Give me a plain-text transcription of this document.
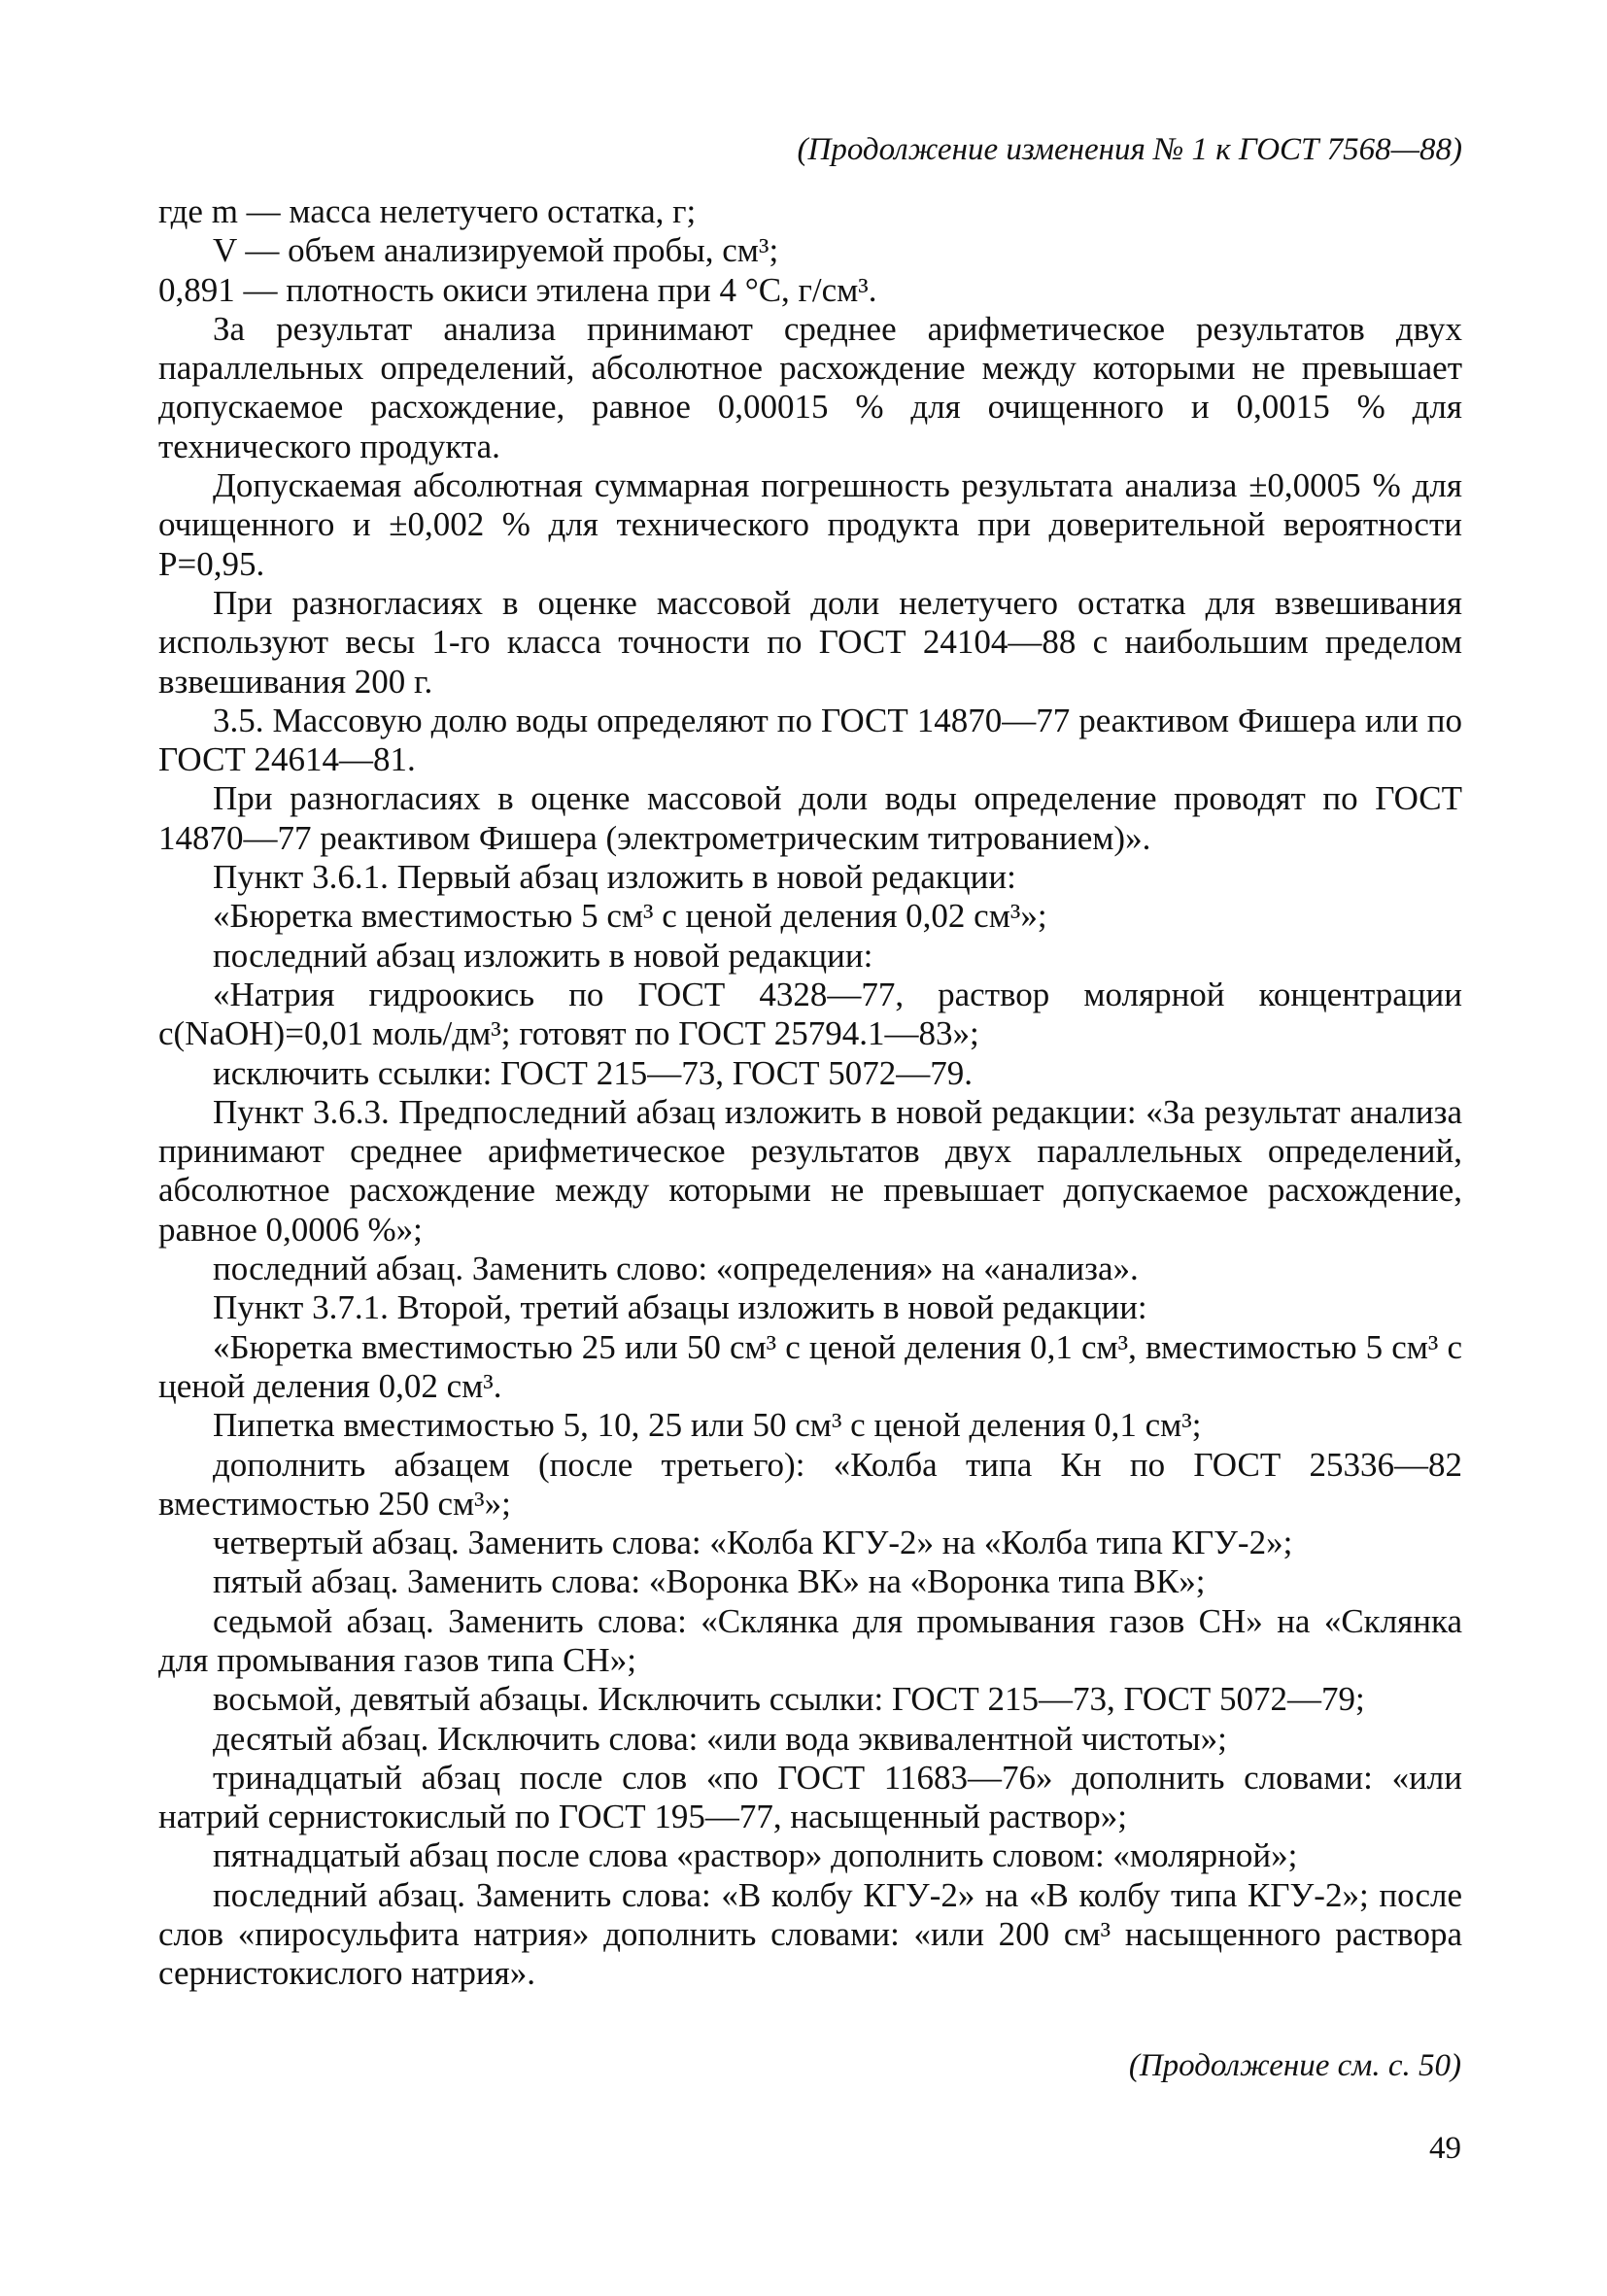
(Продолжение изменения № 1 к ГОСТ 7568—88)

где m — масса нелетучего остатка, г;

V — объем анализируемой пробы, см³;

0,891 — плотность окиси этилена при 4 °С, г/см³.

За результат анализа принимают среднее арифметическое результатов двух параллельных определений, абсолютное расхождение между которыми не превышает допускаемое расхождение, равное 0,00015 % для очищенного и 0,0015 % для технического продукта.

Допускаемая абсолютная суммарная погрешность результата анализа ±0,0005 % для очищенного и ±0,002 % для технического продукта при доверительной вероятности P=0,95.

При разногласиях в оценке массовой доли нелетучего остатка для взвешивания используют весы 1-го класса точности по ГОСТ 24104—88 с наибольшим пределом взвешивания 200 г.

3.5. Массовую долю воды определяют по ГОСТ 14870—77 реактивом Фишера или по ГОСТ 24614—81.

При разногласиях в оценке массовой доли воды определение проводят по ГОСТ 14870—77 реактивом Фишера (электрометрическим титрованием)».

Пункт 3.6.1. Первый абзац изложить в новой редакции:

«Бюретка вместимостью 5 см³ с ценой деления 0,02 см³»;

последний абзац изложить в новой редакции:

«Натрия гидроокись по ГОСТ 4328—77, раствор молярной концентрации c(NaOH)=0,01 моль/дм³; готовят по ГОСТ 25794.1—83»;

исключить ссылки: ГОСТ 215—73, ГОСТ 5072—79.

Пункт 3.6.3. Предпоследний абзац изложить в новой редакции: «За результат анализа принимают среднее арифметическое результатов двух параллельных определений, абсолютное расхождение между которыми не превышает допускаемое расхождение, равное 0,0006 %»;

последний абзац. Заменить слово: «определения» на «анализа».

Пункт 3.7.1. Второй, третий абзацы изложить в новой редакции:

«Бюретка вместимостью 25 или 50 см³ с ценой деления 0,1 см³, вместимостью 5 см³ с ценой деления 0,02 см³.

Пипетка вместимостью 5, 10, 25 или 50 см³ с ценой деления 0,1 см³;

дополнить абзацем (после третьего): «Колба типа Кн по ГОСТ 25336—82 вместимостью 250 см³»;

четвертый абзац. Заменить слова: «Колба КГУ-2» на «Колба типа КГУ-2»;

пятый абзац. Заменить слова: «Воронка ВК» на «Воронка типа ВК»;

седьмой абзац. Заменить слова: «Склянка для промывания газов СН» на «Склянка для промывания газов типа СН»;

восьмой, девятый абзацы. Исключить ссылки: ГОСТ 215—73, ГОСТ 5072—79;

десятый абзац. Исключить слова: «или вода эквивалентной чистоты»;

тринадцатый абзац после слов «по ГОСТ 11683—76» дополнить словами: «или натрий сернистокислый по ГОСТ 195—77, насыщенный раствор»;

пятнадцатый абзац после слова «раствор» дополнить словом: «молярной»;

последний абзац. Заменить слова: «В колбу КГУ-2» на «В колбу типа КГУ-2»; после слов «пиросульфита натрия» дополнить словами: «или 200 см³ насыщенного раствора сернистокислого натрия».

(Продолжение см. с. 50)
49
